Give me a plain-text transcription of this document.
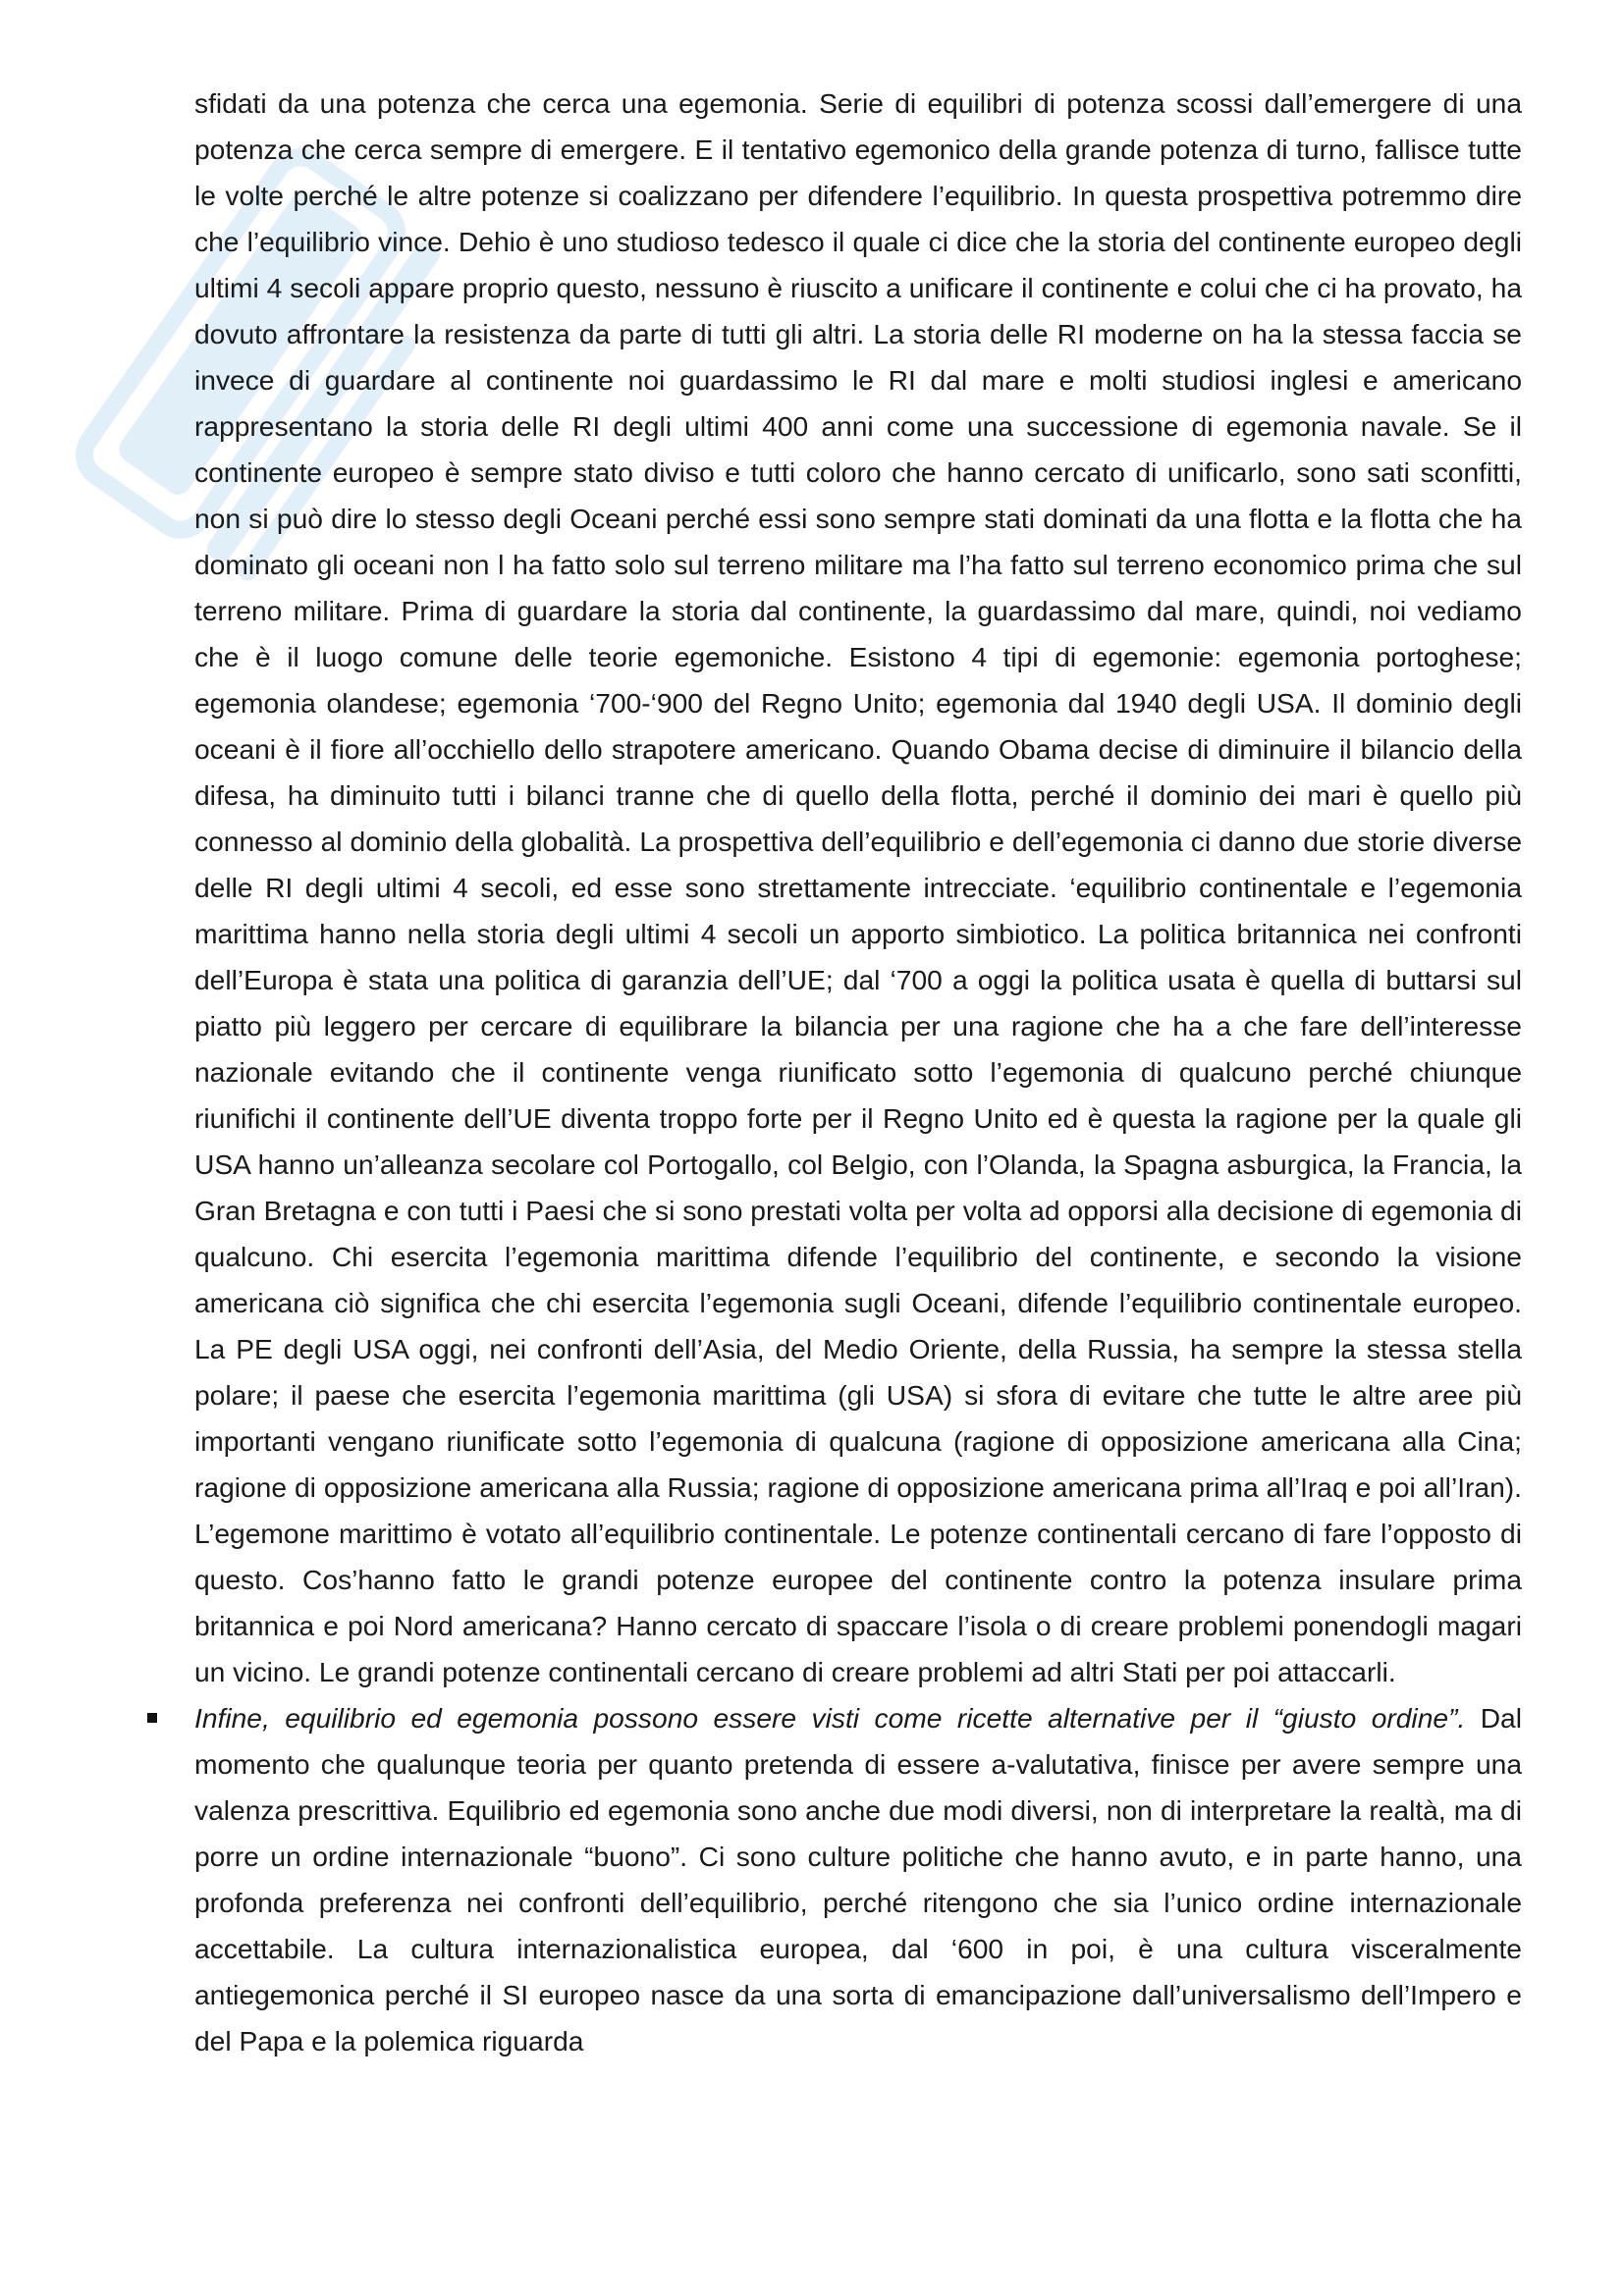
sfidati da una potenza che cerca una egemonia. Serie di equilibri di potenza scossi dall’emergere di una potenza che cerca sempre di emergere. E il tentativo egemonico della grande potenza di turno, fallisce tutte le volte perché le altre potenze si coalizzano per difendere l’equilibrio. In questa prospettiva potremmo dire che l’equilibrio vince. Dehio è uno studioso tedesco il quale ci dice che la storia del continente europeo degli ultimi 4 secoli appare proprio questo, nessuno è riuscito a unificare il continente e colui che ci ha provato, ha dovuto affrontare la resistenza da parte di tutti gli altri. La storia delle RI moderne on ha la stessa faccia se invece di guardare al continente noi guardassimo le RI dal mare e molti studiosi inglesi e americano rappresentano la storia delle RI degli ultimi 400 anni come una successione di egemonia navale. Se il continente europeo è sempre stato diviso e tutti coloro che hanno cercato di unificarlo, sono sati sconfitti, non si può dire lo stesso degli Oceani perché essi sono sempre stati dominati da una flotta e la flotta che ha dominato gli oceani non l ha fatto solo sul terreno militare ma l’ha fatto sul terreno economico prima che sul terreno militare. Prima di guardare la storia dal continente, la guardassimo dal mare, quindi, noi vediamo che è il luogo comune delle teorie egemoniche. Esistono 4 tipi di egemonie: egemonia portoghese; egemonia olandese; egemonia ‘700-‘900 del Regno Unito; egemonia dal 1940 degli USA. Il dominio degli oceani è il fiore all’occhiello dello strapotere americano. Quando Obama decise di diminuire il bilancio della difesa, ha diminuito tutti i bilanci tranne che di quello della flotta, perché il dominio dei mari è quello più connesso al dominio della globalità. La prospettiva dell’equilibrio e dell’egemonia ci danno due storie diverse delle RI degli ultimi 4 secoli, ed esse sono strettamente intrecciate. ‘equilibrio continentale e l’egemonia marittima hanno nella storia degli ultimi 4 secoli un apporto simbiotico. La politica britannica nei confronti dell’Europa è stata una politica di garanzia dell’UE; dal ‘700 a oggi la politica usata è quella di buttarsi sul piatto più leggero per cercare di equilibrare la bilancia per una ragione che ha a che fare dell’interesse nazionale evitando che il continente venga riunificato sotto l’egemonia di qualcuno perché chiunque riunifichi il continente dell’UE diventa troppo forte per il Regno Unito ed è questa la ragione per la quale gli USA hanno un’alleanza secolare col Portogallo, col Belgio, con l’Olanda, la Spagna asburgica, la Francia, la Gran Bretagna e con tutti i Paesi che si sono prestati volta per volta ad opporsi alla decisione di egemonia di qualcuno. Chi esercita l’egemonia marittima difende l’equilibrio del continente, e secondo la visione americana ciò significa che chi esercita l’egemonia sugli Oceani, difende l’equilibrio continentale europeo. La PE degli USA oggi, nei confronti dell’Asia, del Medio Oriente, della Russia, ha sempre la stessa stella polare; il paese che esercita l’egemonia marittima (gli USA) si sfora di evitare che tutte le altre aree più importanti vengano riunificate sotto l’egemonia di qualcuna (ragione di opposizione americana alla Cina; ragione di opposizione americana alla Russia; ragione di opposizione americana prima all’Iraq e poi all’Iran). L’egemone marittimo è votato all’equilibrio continentale. Le potenze continentali cercano di fare l’opposto di questo. Cos’hanno fatto le grandi potenze europee del continente contro la potenza insulare prima britannica e poi Nord americana? Hanno cercato di spaccare l’isola o di creare problemi ponendogli magari un vicino. Le grandi potenze continentali cercano di creare problemi ad altri Stati per poi attaccarli.

Infine, equilibrio ed egemonia possono essere visti come ricette alternative per il “giusto ordine”. Dal momento che qualunque teoria per quanto pretenda di essere a-valutativa, finisce per avere sempre una valenza prescrittiva. Equilibrio ed egemonia sono anche due modi diversi, non di interpretare la realtà, ma di porre un ordine internazionale “buono”. Ci sono culture politiche che hanno avuto, e in parte hanno, una profonda preferenza nei confronti dell’equilibrio, perché ritengono che sia l’unico ordine internazionale accettabile. La cultura internazionalistica europea, dal ‘600 in poi, è una cultura visceralmente antiegemonica perché il SI europeo nasce da una sorta di emancipazione dall’universalismo dell’Impero e del Papa e la polemica riguarda
